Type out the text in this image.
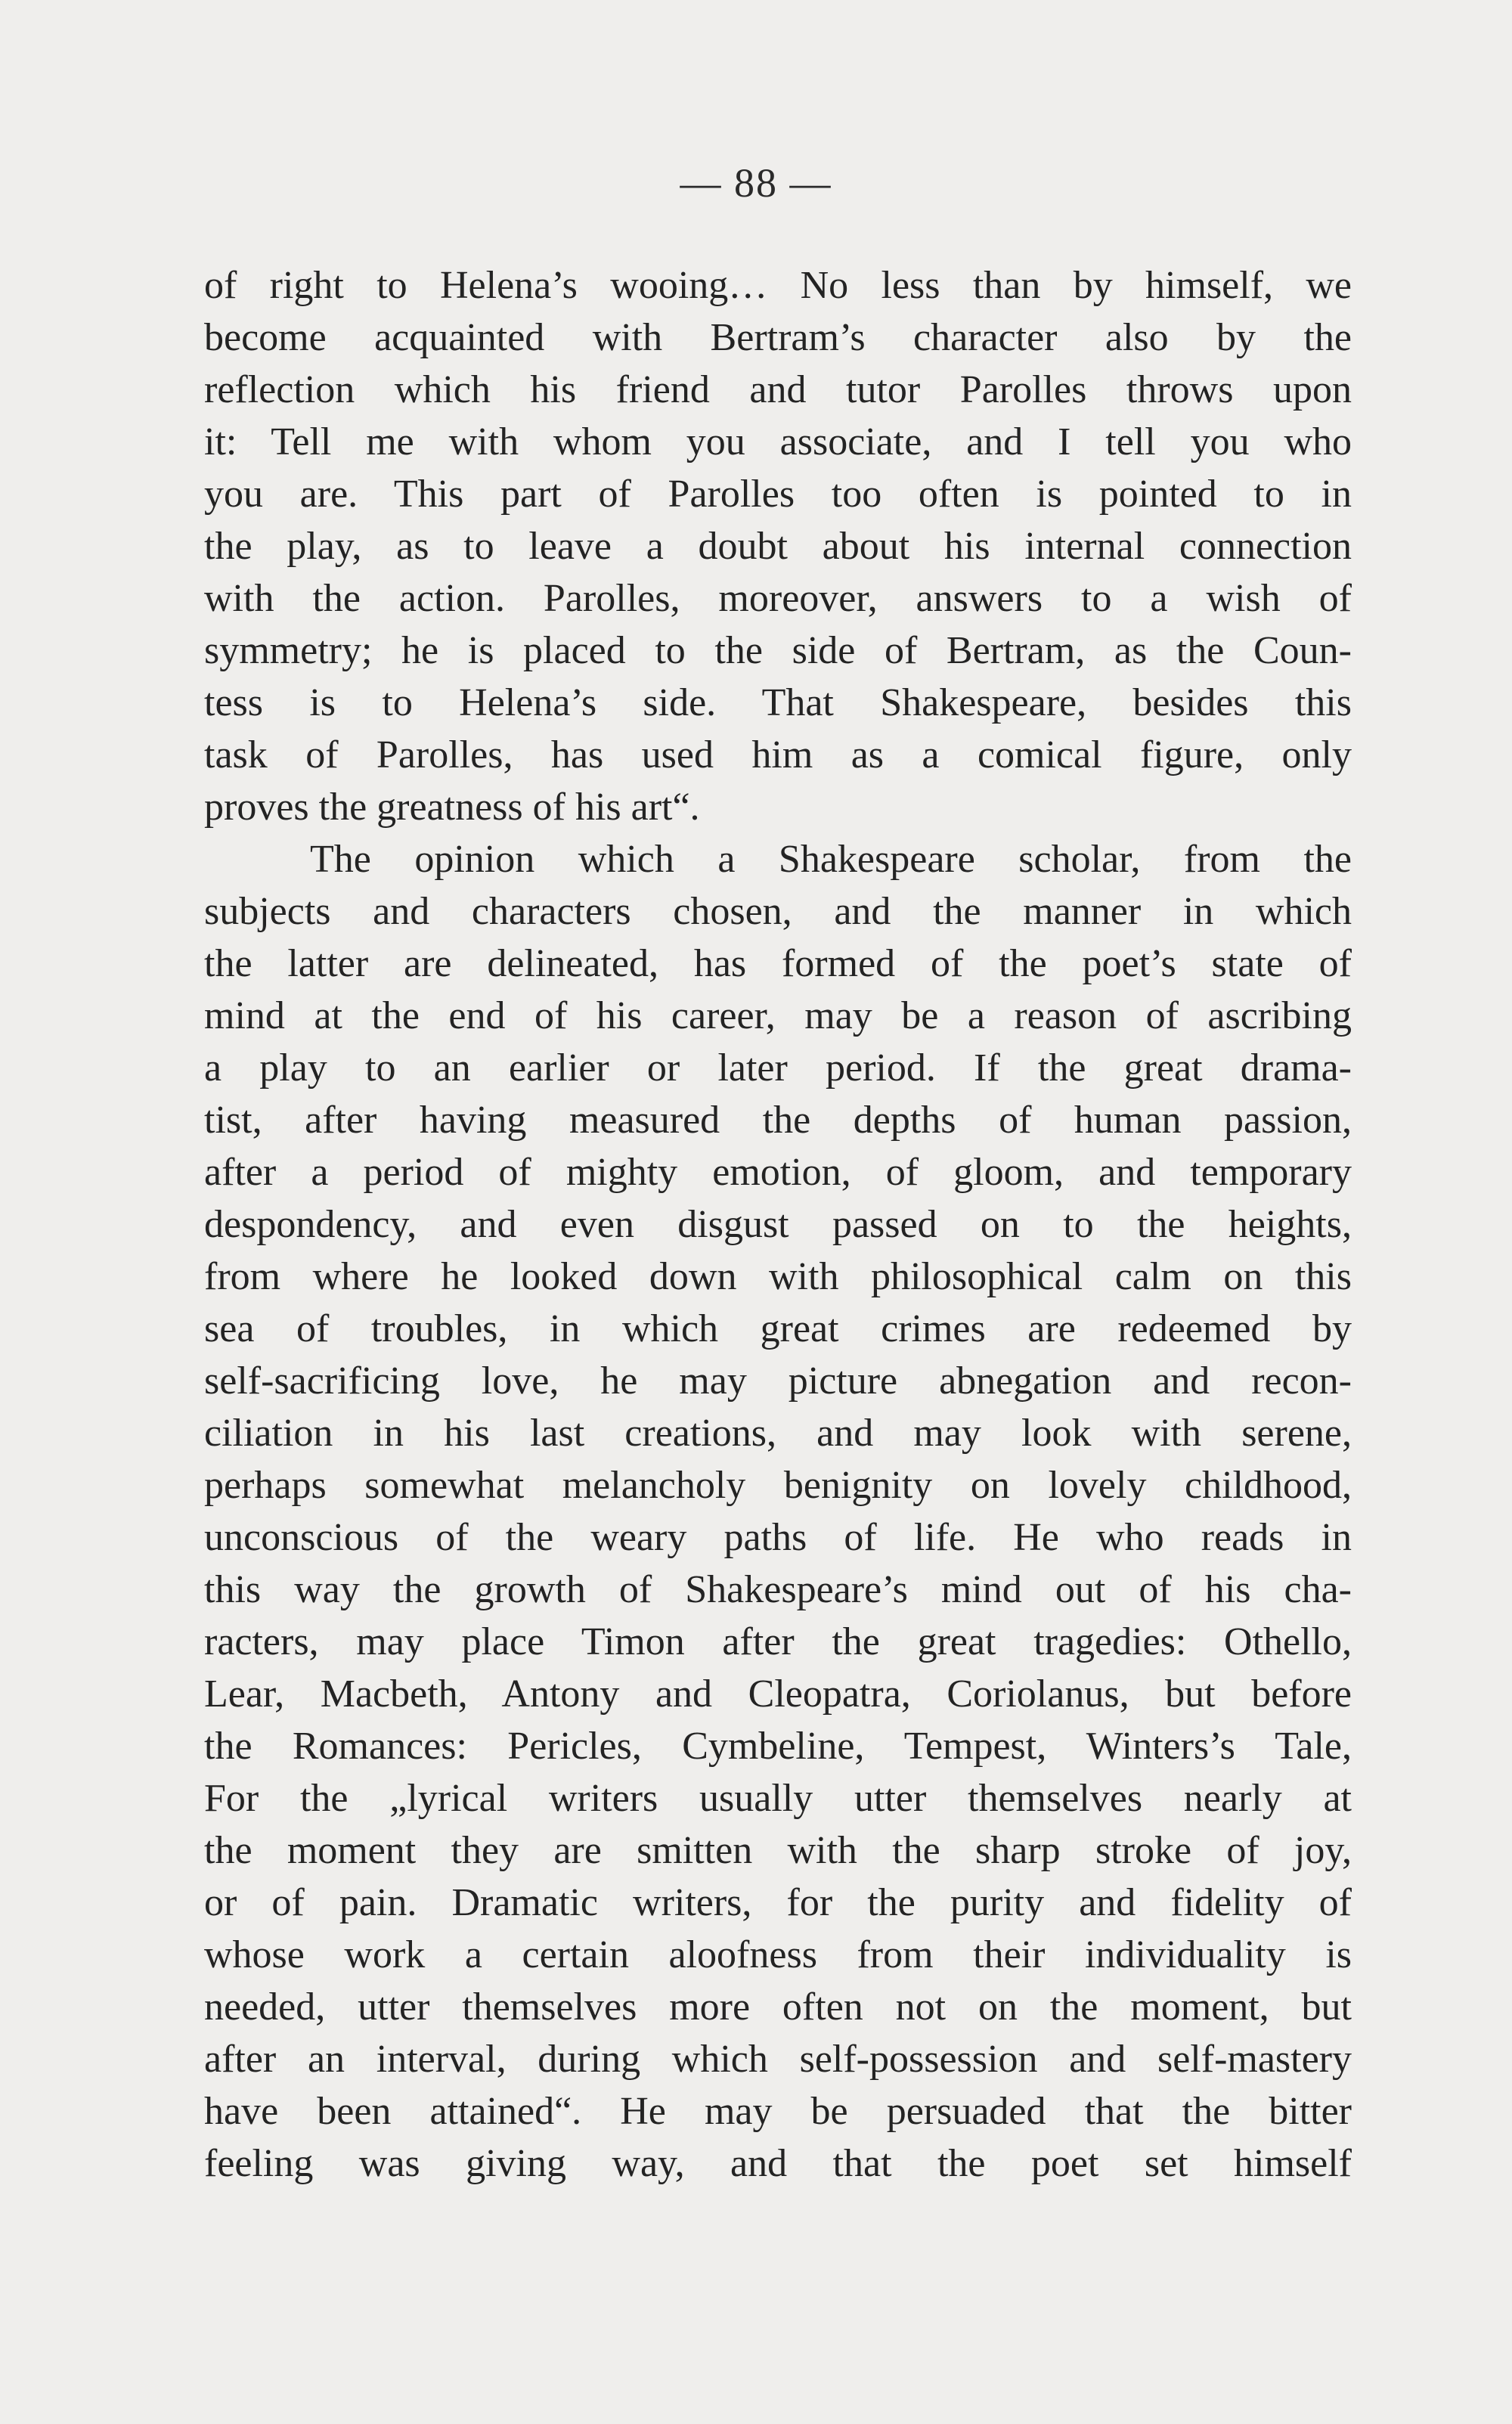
— 88 —
of right to Helena’s wooing… No less than by himself, we
become acquainted with Bertram’s character also by the
reflection which his friend and tutor Parolles throws upon
it: Tell me with whom you associate, and I tell you who
you are. This part of Parolles too often is pointed to in
the play, as to leave a doubt about his internal connection
with the action. Parolles, moreover, answers to a wish of
symmetry; he is placed to the side of Bertram, as the Coun-
tess is to Helena’s side. That Shakespeare, besides this
task of Parolles, has used him as a comical figure, only
proves the greatness of his art“.
The opinion which a Shakespeare scholar, from the
subjects and characters chosen, and the manner in which
the latter are delineated, has formed of the poet’s state of
mind at the end of his career, may be a reason of ascribing
a play to an earlier or later period. If the great drama-
tist, after having measured the depths of human passion,
after a period of mighty emotion, of gloom, and temporary
despondency, and even disgust passed on to the heights,
from where he looked down with philosophical calm on this
sea of troubles, in which great crimes are redeemed by
self-sacrificing love, he may picture abnegation and recon-
ciliation in his last creations, and may look with serene,
perhaps somewhat melancholy benignity on lovely childhood,
unconscious of the weary paths of life. He who reads in
this way the growth of Shakespeare’s mind out of his cha-
racters, may place Timon after the great tragedies: Othello,
Lear, Macbeth, Antony and Cleopatra, Coriolanus, but before
the Romances: Pericles, Cymbeline, Tempest, Winters’s Tale,
For the „lyrical writers usually utter themselves nearly at
the moment they are smitten with the sharp stroke of joy,
or of pain. Dramatic writers, for the purity and fidelity of
whose work a certain aloofness from their individuality is
needed, utter themselves more often not on the moment, but
after an interval, during which self-possession and self-mastery
have been attained“. He may be persuaded that the bitter
feeling was giving way, and that the poet set himself
